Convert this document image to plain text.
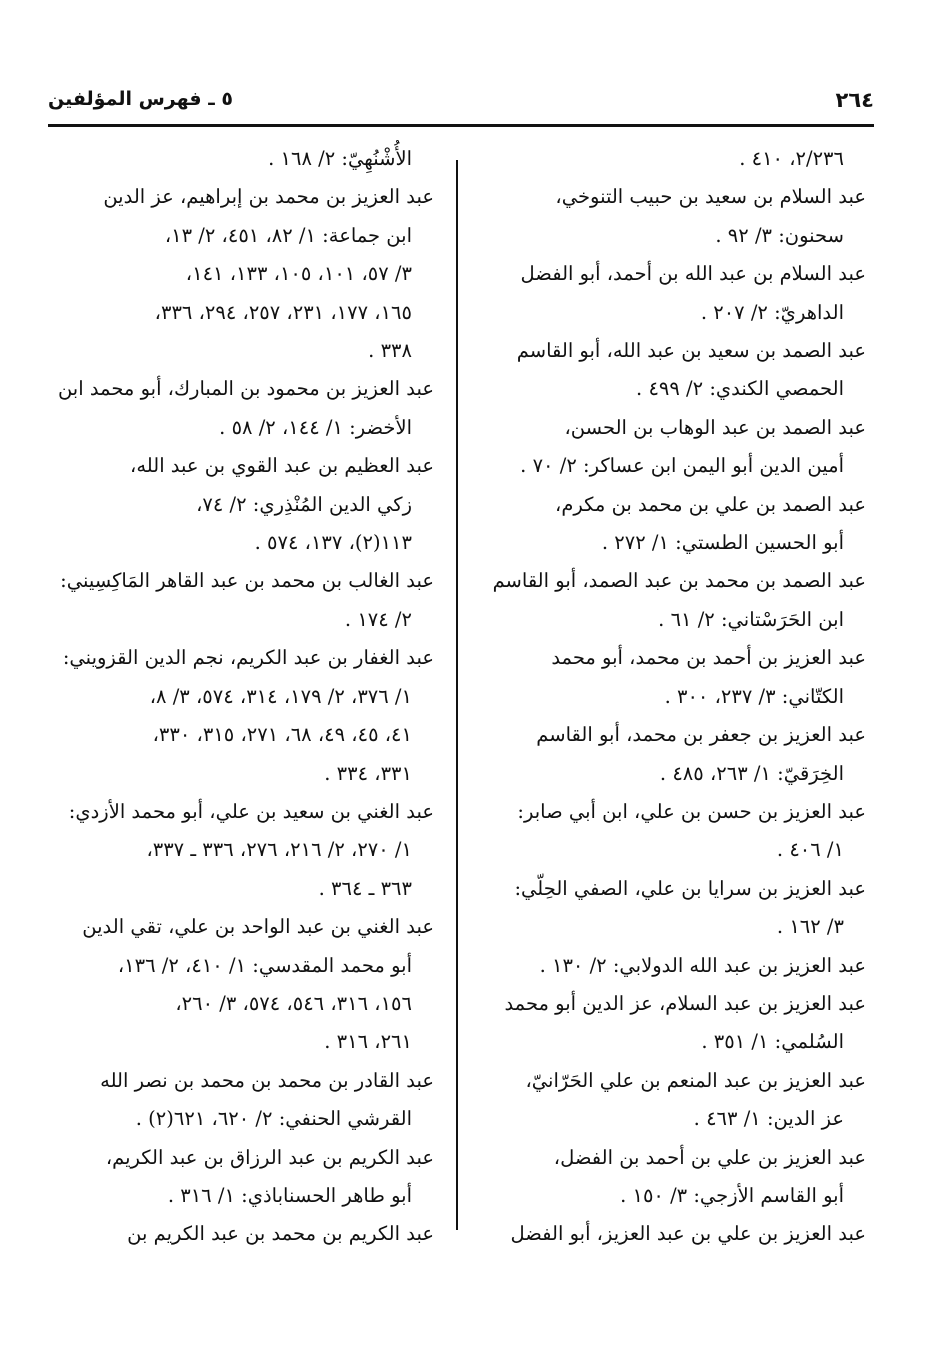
٢٦٤
٥ ـ فهرس المؤلفين
٢/٢٣٦، ٤١٠ .
عبد السلام بن سعيد بن حبيب التنوخي،
سحنون: ٣/ ٩٢ .
عبد السلام بن عبد الله بن أحمد، أبو الفضل
الداهريّ: ٢/ ٢٠٧ .
عبد الصمد بن سعيد بن عبد الله، أبو القاسم
الحمصي الكندي: ٢/ ٤٩٩ .
عبد الصمد بن عبد الوهاب بن الحسن،
أمين الدين أبو اليمن ابن عساكر: ٢/ ٧٠ .
عبد الصمد بن علي بن محمد بن مكرم،
أبو الحسين الطستي: ١/ ٢٧٢ .
عبد الصمد بن محمد بن عبد الصمد، أبو القاسم
ابن الحَرَسْتاني: ٢/ ٦١ .
عبد العزيز بن أحمد بن محمد، أبو محمد
الكتّاني: ٣/ ٢٣٧، ٣٠٠ .
عبد العزيز بن جعفر بن محمد، أبو القاسم
الخِرَقيّ: ١/ ٢٦٣، ٤٨٥ .
عبد العزيز بن حسن بن علي، ابن أبي صابر:
١/ ٤٠٦ .
عبد العزيز بن سرايا بن علي، الصفي الحِلّي:
٣/ ١٦٢ .
عبد العزيز بن عبد الله الدولابي: ٢/ ١٣٠ .
عبد العزيز بن عبد السلام، عز الدين أبو محمد
السُلمي: ١/ ٣٥١ .
عبد العزيز بن عبد المنعم بن علي الحَرّانيّ،
عز الدين: ١/ ٤٦٣ .
عبد العزيز بن علي بن أحمد بن الفضل،
أبو القاسم الأزجي: ٣/ ١٥٠ .
عبد العزيز بن علي بن عبد العزيز، أبو الفضل
الأُشْنُهِيّ: ٢/ ١٦٨ .
عبد العزيز بن محمد بن إبراهيم، عز الدين
ابن جماعة: ١/ ٨٢، ٤٥١، ٢/ ١٣،
٣/ ٥٧، ١٠١، ١٠٥، ١٣٣، ١٤١،
١٦٥، ١٧٧، ٢٣١، ٢٥٧، ٢٩٤، ٣٣٦،
٣٣٨ .
عبد العزيز بن محمود بن المبارك، أبو محمد ابن
الأخضر: ١/ ١٤٤، ٢/ ٥٨ .
عبد العظيم بن عبد القوي بن عبد الله،
زكي الدين المُنْذِري: ٢/ ٧٤،
١١٣(٢)، ١٣٧، ٥٧٤ .
عبد الغالب بن محمد بن عبد القاهر المَاكِسِيني:
٢/ ١٧٤ .
عبد الغفار بن عبد الكريم، نجم الدين القزويني:
١/ ٣٧٦، ٢/ ١٧٩، ٣١٤، ٥٧٤، ٣/ ٨،
٤١، ٤٥، ٤٩، ٦٨، ٢٧١، ٣١٥، ٣٣٠،
٣٣١، ٣٣٤ .
عبد الغني بن سعيد بن علي، أبو محمد الأزدي:
١/ ٢٧٠، ٢/ ٢١٦، ٢٧٦، ٣٣٦ ـ ٣٣٧،
٣٦٣ ـ ٣٦٤ .
عبد الغني بن عبد الواحد بن علي، تقي الدين
أبو محمد المقدسي: ١/ ٤١٠، ٢/ ١٣٦،
١٥٦، ٣١٦، ٥٤٦، ٥٧٤، ٣/ ٢٦٠،
٢٦١، ٣١٦ .
عبد القادر بن محمد بن محمد بن نصر الله
القرشي الحنفي: ٢/ ٦٢٠، ٦٢١(٢) .
عبد الكريم بن عبد الرزاق بن عبد الكريم،
أبو طاهر الحسناباذي: ١/ ٣١٦ .
عبد الكريم بن محمد بن عبد الكريم بن
